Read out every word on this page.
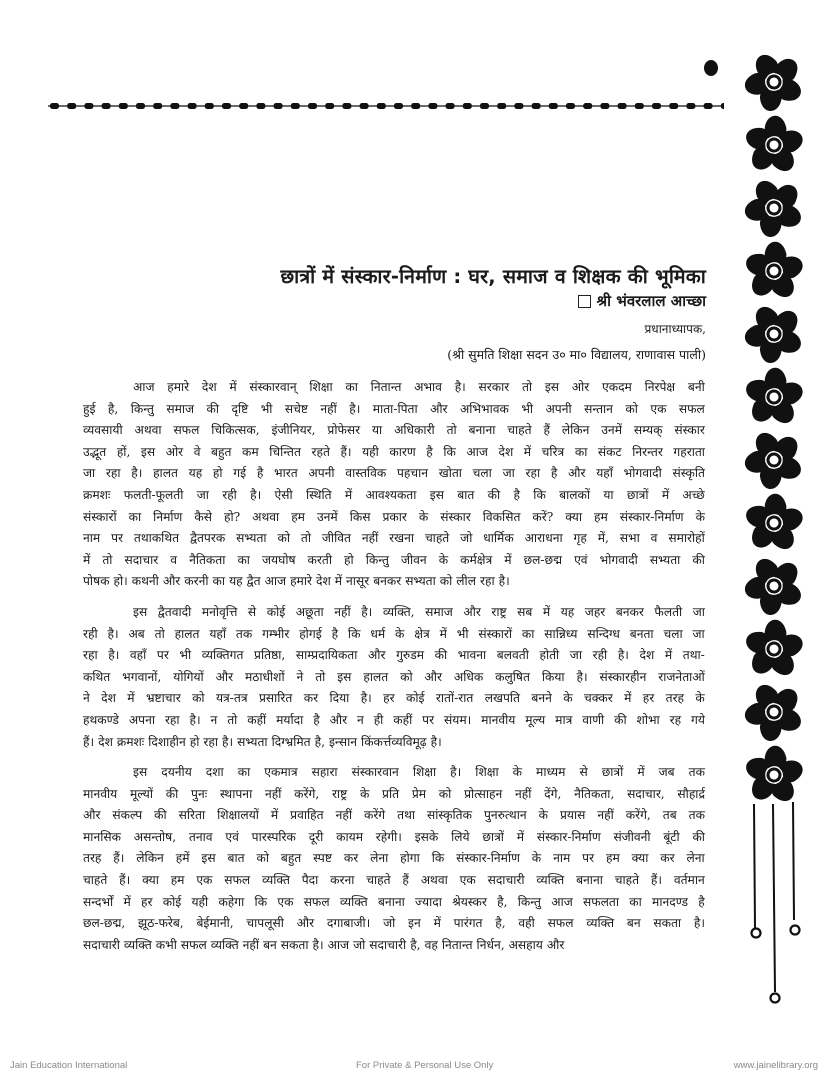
छात्रों में संस्कार-निर्माण : घर, समाज व शिक्षक की भूमिका
श्री भंवरलाल आच्छा
प्रधानाध्यापक,
(श्री सुमति शिक्षा सदन उ० मा० विद्यालय, राणावास पाली)
आज हमारे देश में संस्कारवान् शिक्षा का नितान्त अभाव है। सरकार तो इस ओर एकदम निरपेक्ष बनी
हुई है, किन्तु समाज की दृष्टि भी सचेष्ट नहीं है। माता-पिता और अभिभावक भी अपनी सन्तान को एक सफल
व्यवसायी अथवा सफल चिकित्सक, इंजीनियर, प्रोफेसर या अधिकारी तो बनाना चाहते हैं लेकिन उनमें सम्यक् संस्कार
उद्भूत हों, इस ओर वे बहुत कम चिन्तित रहते हैं। यही कारण है कि आज देश में चरित्र का संकट निरन्तर गहराता
जा रहा है। हालत यह हो गई है भारत अपनी वास्तविक पहचान खोता चला जा रहा है और यहाँ भोगवादी संस्कृति
क्रमशः फलती-फूलती जा रही है। ऐसी स्थिति में आवश्यकता इस बात की है कि बालकों या छात्रों में अच्छे
संस्कारों का निर्माण कैसे हो? अथवा हम उनमें किस प्रकार के संस्कार विकसित करें? क्या हम संस्कार-निर्माण के
नाम पर तथाकथित द्वैतपरक सभ्यता को तो जीवित नहीं रखना चाहते जो धार्मिक आराधना गृह में, सभा व समारोहों
में तो सदाचार व नैतिकता का जयघोष करती हो किन्तु जीवन के कर्मक्षेत्र में छल-छद्म एवं भोगवादी सभ्यता की
पोषक हो। कथनी और करनी का यह द्वैत आज हमारे देश में नासूर बनकर सभ्यता को लील रहा है।
इस द्वैतवादी मनोवृत्ति से कोई अछूता नहीं है। व्यक्ति, समाज और राष्ट्र सब में यह जहर बनकर फैलती जा
रही है। अब तो हालत यहाँ तक गम्भीर होगई है कि धर्म के क्षेत्र में भी संस्कारों का सान्निध्य सन्दिग्ध बनता चला जा
रहा है। वहाँ पर भी व्यक्तिगत प्रतिष्ठा, साम्प्रदायिकता और गुरुडम की भावना बलवती होती जा रही है। देश में तथा-
कथित भगवानों, योगियों और मठाधीशों ने तो इस हालत को और अधिक कलुषित किया है। संस्कारहीन राजनेताओं
ने देश में भ्रष्टाचार को यत्र-तत्र प्रसारित कर दिया है। हर कोई रातों-रात लखपति बनने के चक्कर में हर तरह के
हथकण्डे अपना रहा है। न तो कहीं मर्यादा है और न ही कहीं पर संयम। मानवीय मूल्य मात्र वाणी की शोभा रह गये
हैं। देश क्रमशः दिशाहीन हो रहा है। सभ्यता दिग्भ्रमित है, इन्सान किंकर्त्तव्यविमूढ़ है।
इस दयनीय दशा का एकमात्र सहारा संस्कारवान शिक्षा है। शिक्षा के माध्यम से छात्रों में जब तक
मानवीय मूल्यों की पुनः स्थापना नहीं करेंगे, राष्ट्र के प्रति प्रेम को प्रोत्साहन नहीं देंगे, नैतिकता, सदाचार, सौहार्द्र
और संकल्प की सरिता शिक्षालयों में प्रवाहित नहीं करेंगे तथा सांस्कृतिक पुनरुत्थान के प्रयास नहीं करेंगे, तब तक
मानसिक असन्तोष, तनाव एवं पारस्परिक दूरी कायम रहेगी। इसके लिये छात्रों में संस्कार-निर्माण संजीवनी बूंटी की
तरह हैं। लेकिन हमें इस बात को बहुत स्पष्ट कर लेना होगा कि संस्कार-निर्माण के नाम पर हम क्या कर लेना
चाहते हैं। क्या हम एक सफल व्यक्ति पैदा करना चाहते हैं अथवा एक सदाचारी व्यक्ति बनाना चाहते हैं। वर्तमान
सन्दर्भों में हर कोई यही कहेगा कि एक सफल व्यक्ति बनाना ज्यादा श्रेयस्कर है, किन्तु आज सफलता का मानदण्ड है
छल-छद्म, झूठ-फरेब, बेईमानी, चापलूसी और दगाबाजी। जो इन में पारंगत है, वही सफल व्यक्ति बन सकता है।
सदाचारी व्यक्ति कभी सफल व्यक्ति नहीं बन सकता है। आज जो सदाचारी है, वह नितान्त निर्धन, असहाय और
Jain Education International	For Private & Personal Use Only	www.jainelibrary.org
